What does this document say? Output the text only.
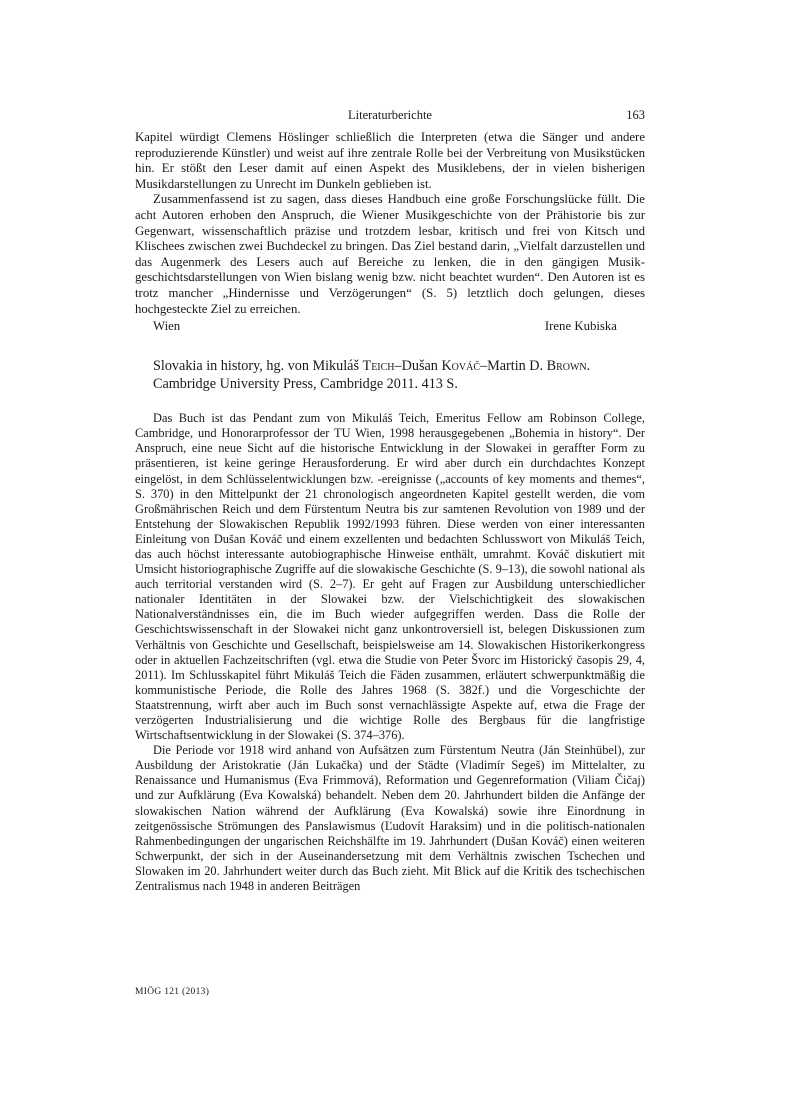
Literaturberichte	163

Kapitel würdigt Clemens Höslinger schließlich die Interpreten (etwa die Sänger und andere reproduzierende Künstler) und weist auf ihre zentrale Rolle bei der Verbreitung von Musikstücken hin. Er stößt den Leser damit auf einen Aspekt des Musiklebens, der in vielen bisherigen Musikdarstellungen zu Unrecht im Dunkeln geblieben ist.

Zusammenfassend ist zu sagen, dass dieses Handbuch eine große Forschungslücke füllt. Die acht Autoren erhoben den Anspruch, die Wiener Musikgeschichte von der Prähistorie bis zur Gegenwart, wissenschaftlich präzise und trotzdem lesbar, kritisch und frei von Kitsch und Klischees zwischen zwei Buchdeckel zu bringen. Das Ziel bestand darin, „Vielfalt darzustellen und das Augenmerk des Lesers auch auf Bereiche zu lenken, die in den gängigen Musikgeschichtsdarstellungen von Wien bislang wenig bzw. nicht beachtet wurden“. Den Autoren ist es trotz mancher „Hindernisse und Verzögerungen“ (S. 5) letztlich doch gelungen, dieses hochgesteckte Ziel zu erreichen.

Wien	Irene Kubiska
Slovakia in history, hg. von Mikuláš Teich–Dušan Kováč–Martin D. Brown. Cambridge University Press, Cambridge 2011. 413 S.

Das Buch ist das Pendant zum von Mikuláš Teich, Emeritus Fellow am Robinson College, Cambridge, und Honorarprofessor der TU Wien, 1998 herausgegebenen „Bohemia in history“. Der Anspruch, eine neue Sicht auf die historische Entwicklung in der Slowakei in geraffter Form zu präsentieren, ist keine geringe Herausforderung. Er wird aber durch ein durchdachtes Konzept eingelöst, in dem Schlüsselentwicklungen bzw. -ereignisse („accounts of key moments and themes“, S. 370) in den Mittelpunkt der 21 chronologisch angeordneten Kapitel gestellt werden, die vom Großmährischen Reich und dem Fürstentum Neutra bis zur samtenen Revolution von 1989 und der Entstehung der Slowakischen Republik 1992/1993 führen. Diese werden von einer interessanten Einleitung von Dušan Kováč und einem exzellenten und bedachten Schlusswort von Mikuláš Teich, das auch höchst interessante autobiographische Hinweise enthält, umrahmt. Kováč diskutiert mit Umsicht historiographische Zugriffe auf die slowakische Geschichte (S. 9–13), die sowohl national als auch territorial verstanden wird (S. 2–7). Er geht auf Fragen zur Ausbildung unterschiedlicher nationaler Identitäten in der Slowakei bzw. der Vielschichtigkeit des slowakischen Nationalverständnisses ein, die im Buch wieder aufgegriffen werden. Dass die Rolle der Geschichtswissenschaft in der Slowakei nicht ganz unkontroversiell ist, belegen Diskussionen zum Verhältnis von Geschichte und Gesellschaft, beispielsweise am 14. Slowakischen Historikerkongress oder in aktuellen Fachzeitschriften (vgl. etwa die Studie von Peter Švorc im Historický časopis 29, 4, 2011). Im Schlusskapitel führt Mikuláš Teich die Fäden zusammen, erläutert schwerpunktmäßig die kommunistische Periode, die Rolle des Jahres 1968 (S. 382f.) und die Vorgeschichte der Staatstrennung, wirft aber auch im Buch sonst vernachlässigte Aspekte auf, etwa die Frage der verzögerten Industrialisierung und die wichtige Rolle des Bergbaus für die langfristige Wirtschaftsentwicklung in der Slowakei (S. 374–376).

Die Periode vor 1918 wird anhand von Aufsätzen zum Fürstentum Neutra (Ján Steinhübel), zur Ausbildung der Aristokratie (Ján Lukačka) und der Städte (Vladimír Segeš) im Mittelalter, zu Renaissance und Humanismus (Eva Frimmová), Reformation und Gegenreformation (Viliam Čičaj) und zur Aufklärung (Eva Kowalská) behandelt. Neben dem 20. Jahrhundert bilden die Anfänge der slowakischen Nation während der Aufklärung (Eva Kowalská) sowie ihre Einordnung in zeitgenössische Strömungen des Panslawismus (Ľudovít Haraksim) und in die politisch-nationalen Rahmenbedingungen der ungarischen Reichshälfte im 19. Jahrhundert (Dušan Kováč) einen weiteren Schwerpunkt, der sich in der Auseinandersetzung mit dem Verhältnis zwischen Tschechen und Slowaken im 20. Jahrhundert weiter durch das Buch zieht. Mit Blick auf die Kritik des tschechischen Zentralismus nach 1948 in anderen Beiträgen

MIÖG 121 (2013)
